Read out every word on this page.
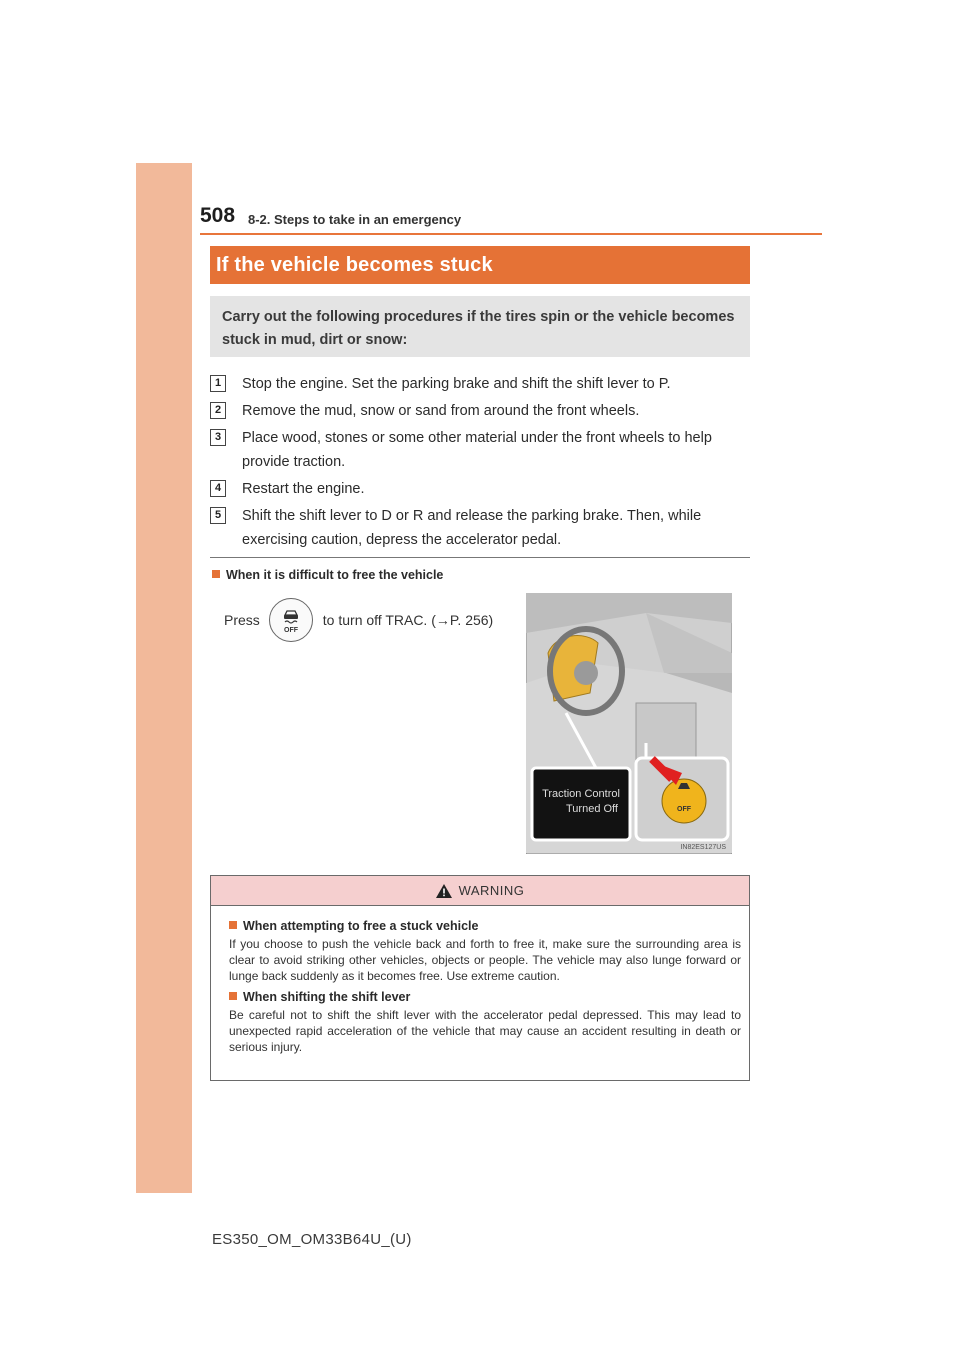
508 8-2. Steps to take in an emergency
If the vehicle becomes stuck
Carry out the following procedures if the tires spin or the vehicle becomes stuck in mud, dirt or snow:
1	Stop the engine. Set the parking brake and shift the shift lever to P.
2	Remove the mud, snow or sand from around the front wheels.
3	Place wood, stones or some other material under the front wheels to help provide traction.
4	Restart the engine.
5	Shift the shift lever to D or R and release the parking brake. Then, while exercising caution, depress the accelerator pedal.
When it is difficult to free the vehicle
Press
OFF
to turn off TRAC. (→P. 256)
Traction Control
Turned Off	OFF
IN82ES127US
WARNING
When attempting to free a stuck vehicle
If you choose to push the vehicle back and forth to free it, make sure the surrounding area is clear to avoid striking other vehicles, objects or people. The vehicle may also lunge forward or lunge back suddenly as it becomes free. Use extreme caution.
When shifting the shift lever
Be careful not to shift the shift lever with the accelerator pedal depressed. This may lead to unexpected rapid acceleration of the vehicle that may cause an accident resulting in death or serious injury.
ES350_OM_OM33B64U_(U)
